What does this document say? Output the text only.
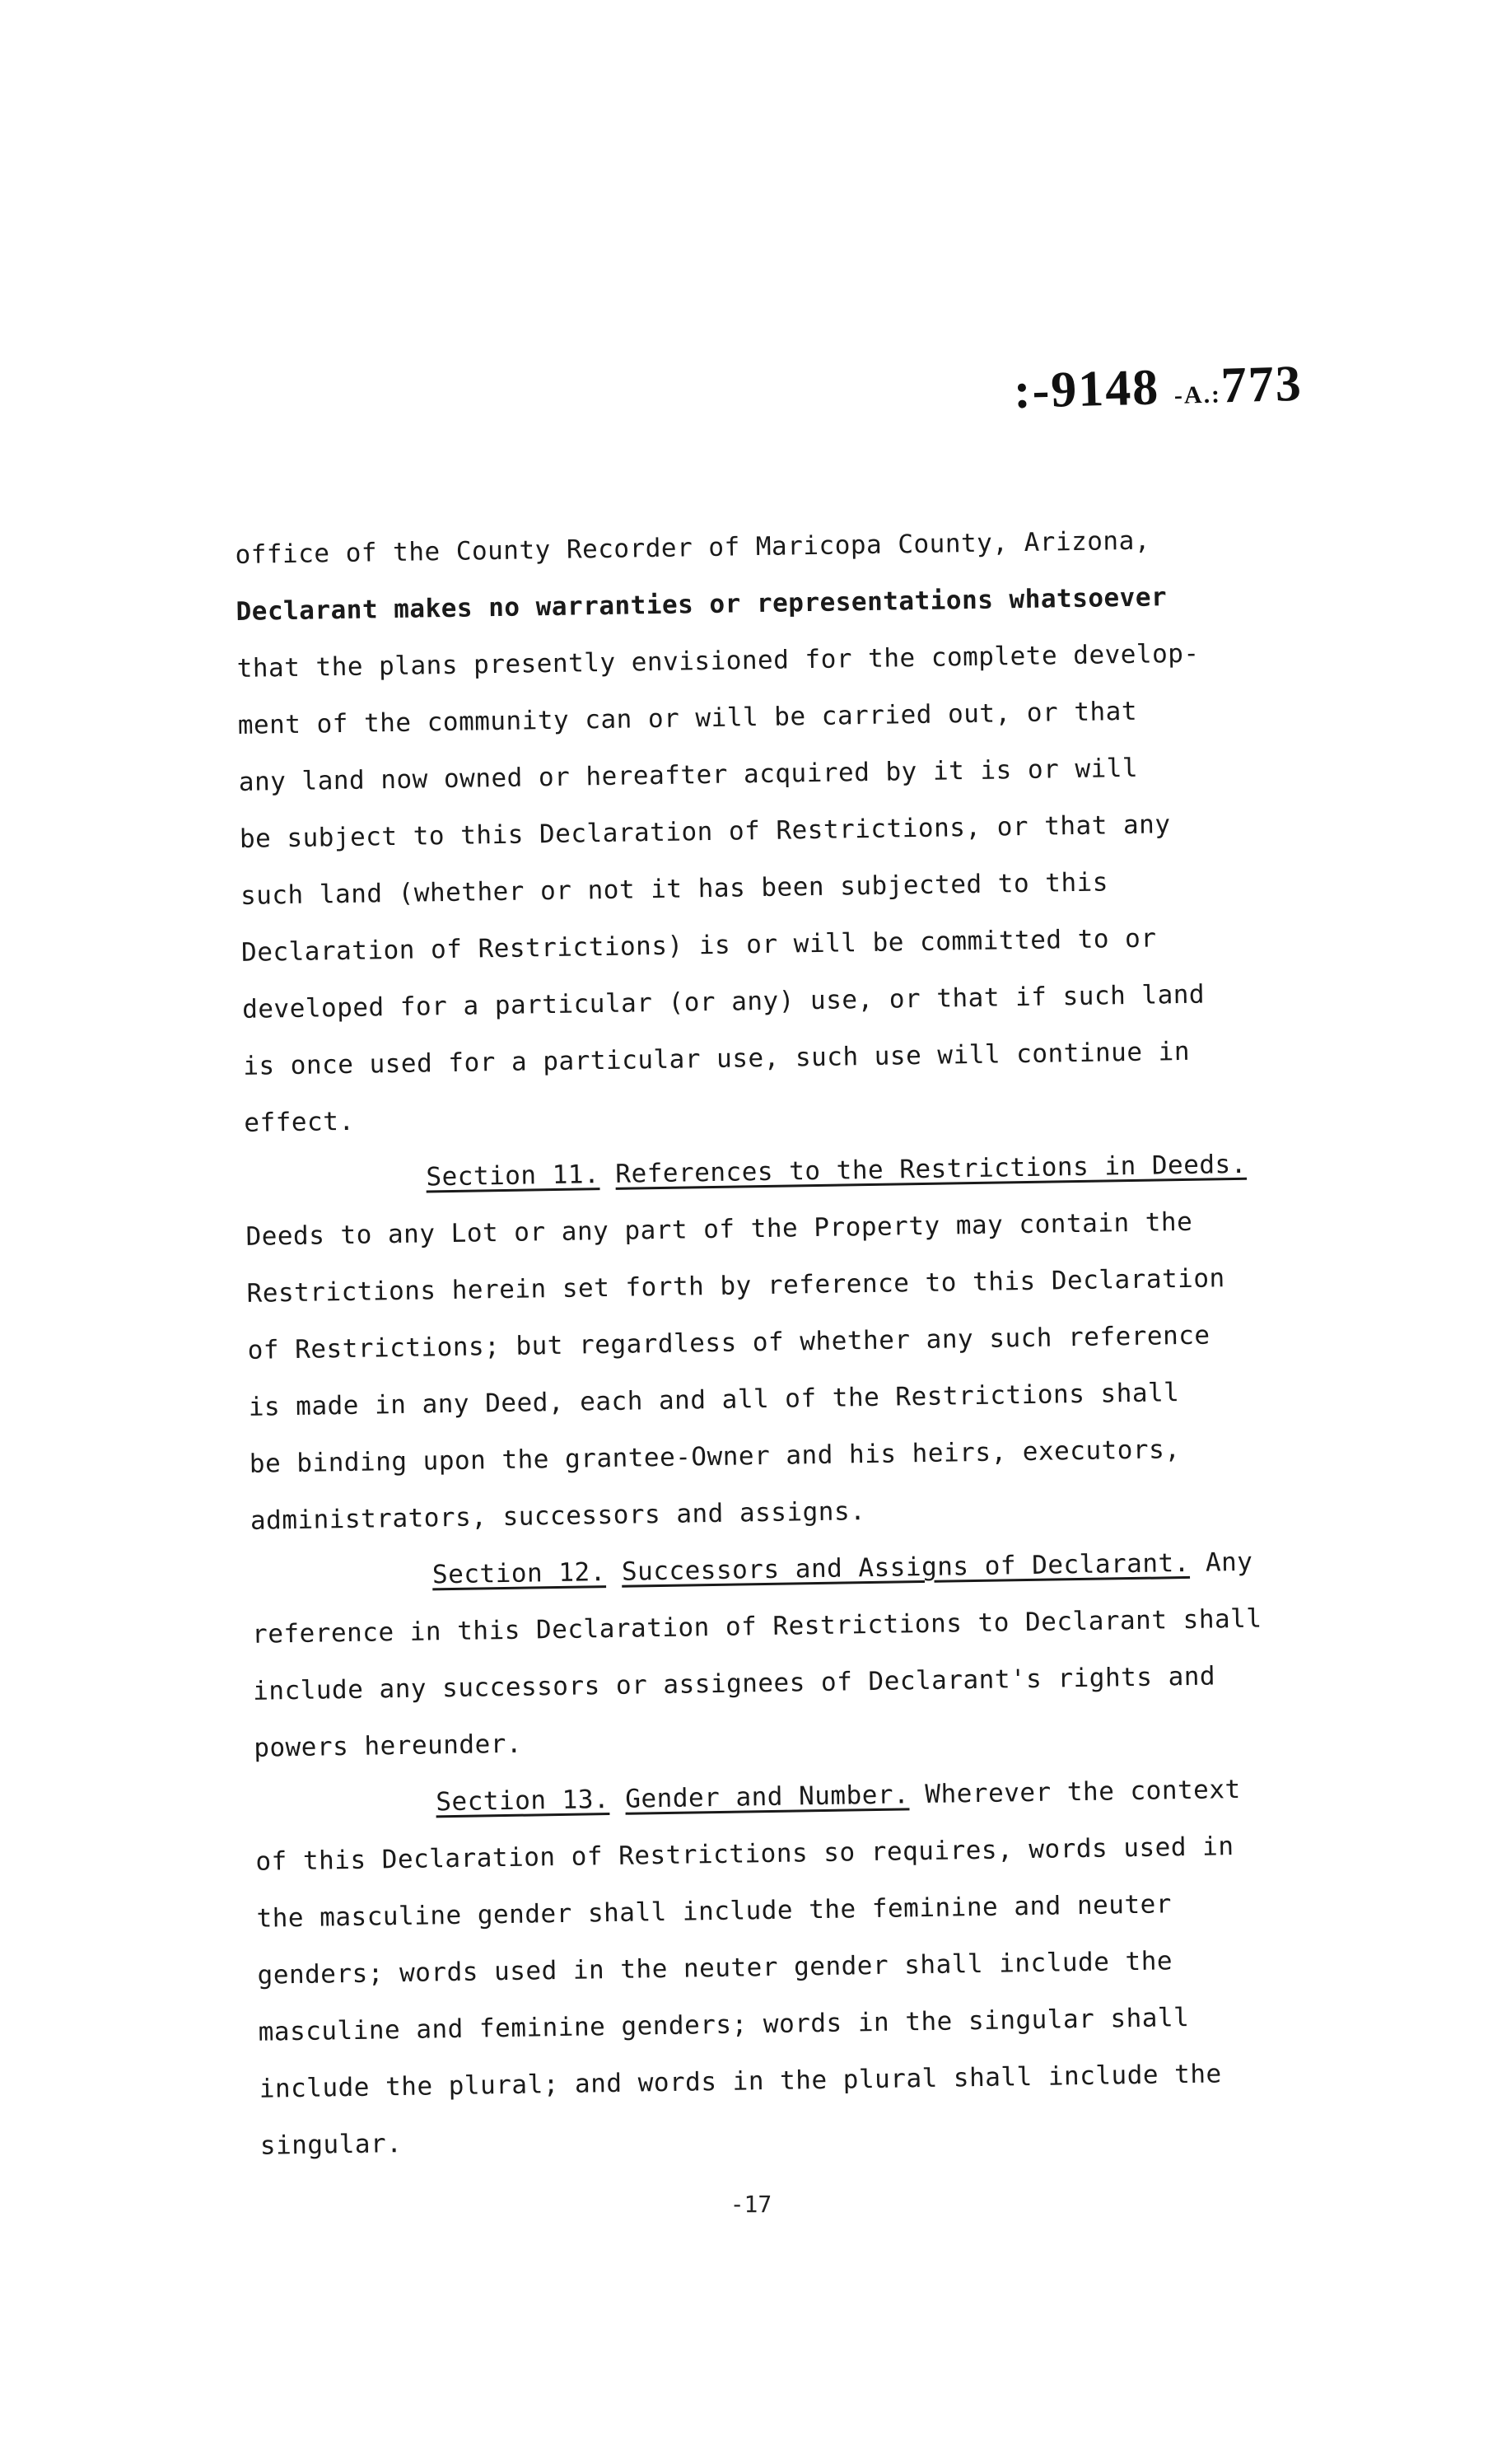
:-9148 -A.:773
office of the County Recorder of Maricopa County, Arizona,
Declarant makes no warranties or representations whatsoever
that the plans presently envisioned for the complete develop-
ment of the community can or will be carried out, or that
any land now owned or hereafter acquired by it is or will
be subject to this Declaration of Restrictions, or that any
such land (whether or not it has been subjected to this
Declaration of Restrictions) is or will be committed to or
developed for a particular (or any) use, or that if such land
is once used for a particular use, such use will continue in
effect.
Section 11. References to the Restrictions in Deeds.
Deeds to any Lot or any part of the Property may contain the
Restrictions herein set forth by reference to this Declaration
of Restrictions; but regardless of whether any such reference
is made in any Deed, each and all of the Restrictions shall
be binding upon the grantee-Owner and his heirs, executors,
administrators, successors and assigns.
Section 12. Successors and Assigns of Declarant. Any
reference in this Declaration of Restrictions to Declarant shall
include any successors or assignees of Declarant's rights and
powers hereunder.
Section 13. Gender and Number. Wherever the context
of this Declaration of Restrictions so requires, words used in
the masculine gender shall include the feminine and neuter
genders; words used in the neuter gender shall include the
masculine and feminine genders; words in the singular shall
include the plural; and words in the plural shall include the
singular.
-17
